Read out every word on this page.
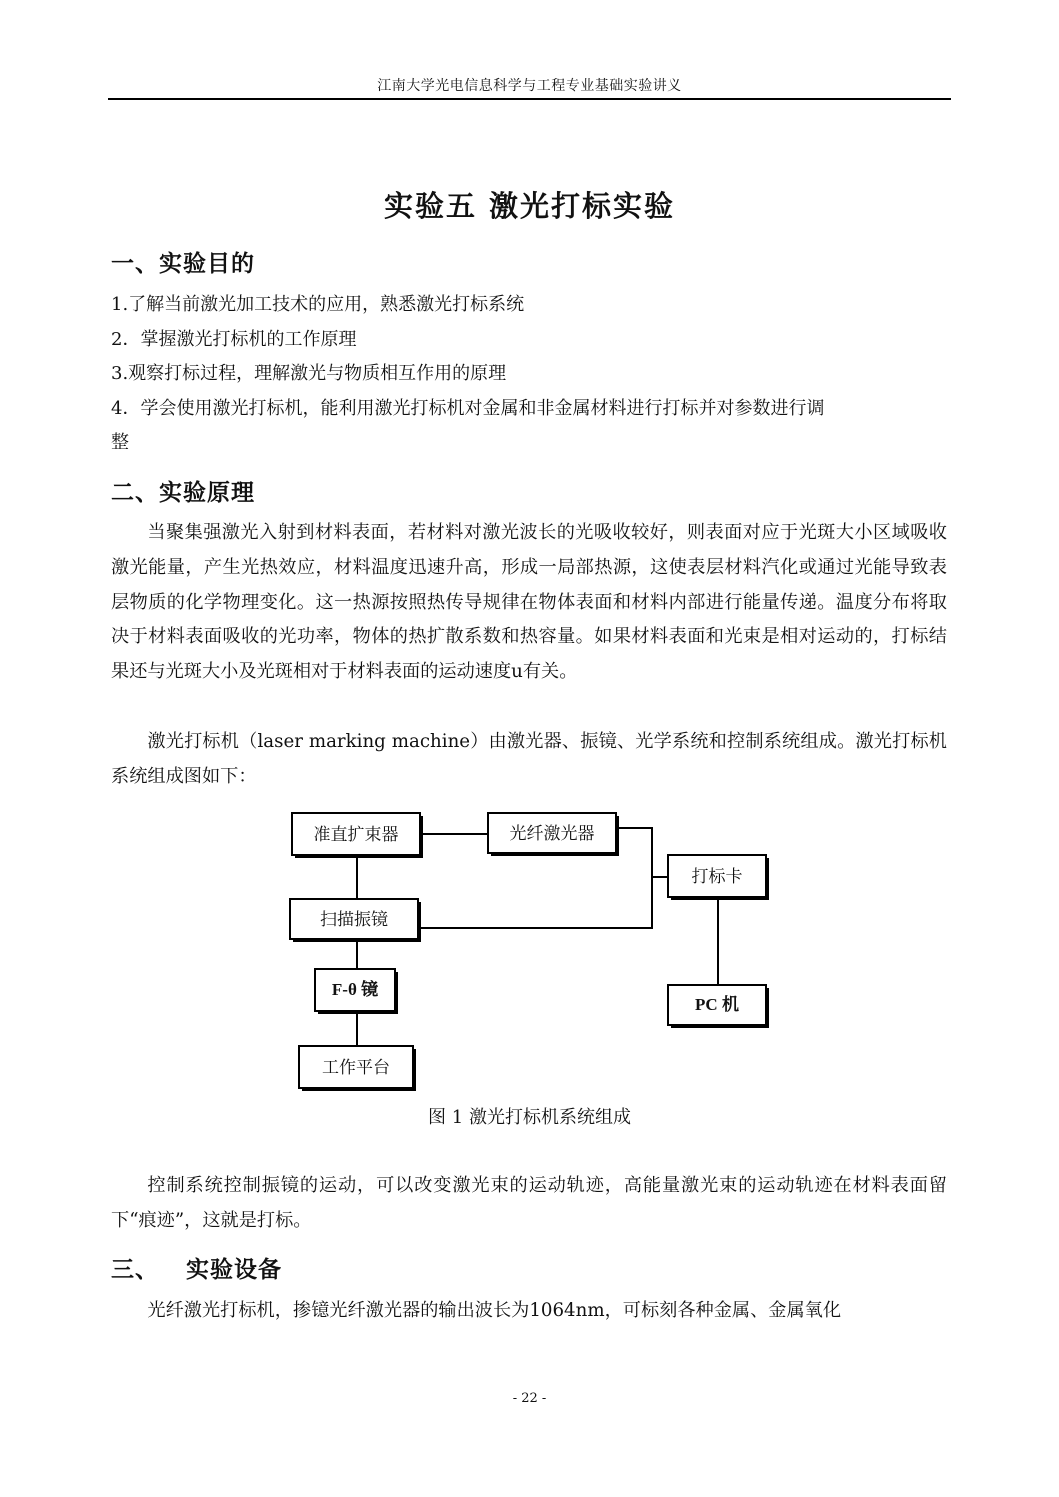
江南大学光电信息科学与工程专业基础实验讲义
实验五 激光打标实验
一、实验目的
1.了解当前激光加工技术的应用，熟悉激光打标系统
2．掌握激光打标机的工作原理
3.观察打标过程，理解激光与物质相互作用的原理
4．学会使用激光打标机，能利用激光打标机对金属和非金属材料进行打标并对参数进行调
整
二、实验原理
当聚集强激光入射到材料表面，若材料对激光波长的光吸收较好，则表面对应于光斑大小区域吸收激光能量，产生光热效应，材料温度迅速升高，形成一局部热源，这使表层材料汽化或通过光能导致表层物质的化学物理变化。这一热源按照热传导规律在物体表面和材料内部进行能量传递。温度分布将取决于材料表面吸收的光功率，物体的热扩散系数和热容量。如果材料表面和光束是相对运动的，打标结果还与光斑大小及光斑相对于材料表面的运动速度u有关。
激光打标机（laser marking machine）由激光器、振镜、光学系统和控制系统组成。激光打标机系统组成图如下：
准直扩束器	光纤激光器
打标卡
扫描振镜
F-θ 镜
PC 机
工作平台
图 1 激光打标机系统组成
控制系统控制振镜的运动，可以改变激光束的运动轨迹，高能量激光束的运动轨迹在材料表面留下“痕迹”，这就是打标。
三、   实验设备
光纤激光打标机，掺镱光纤激光器的输出波长为1064nm，可标刻各种金属、金属氧化
- 22 -
